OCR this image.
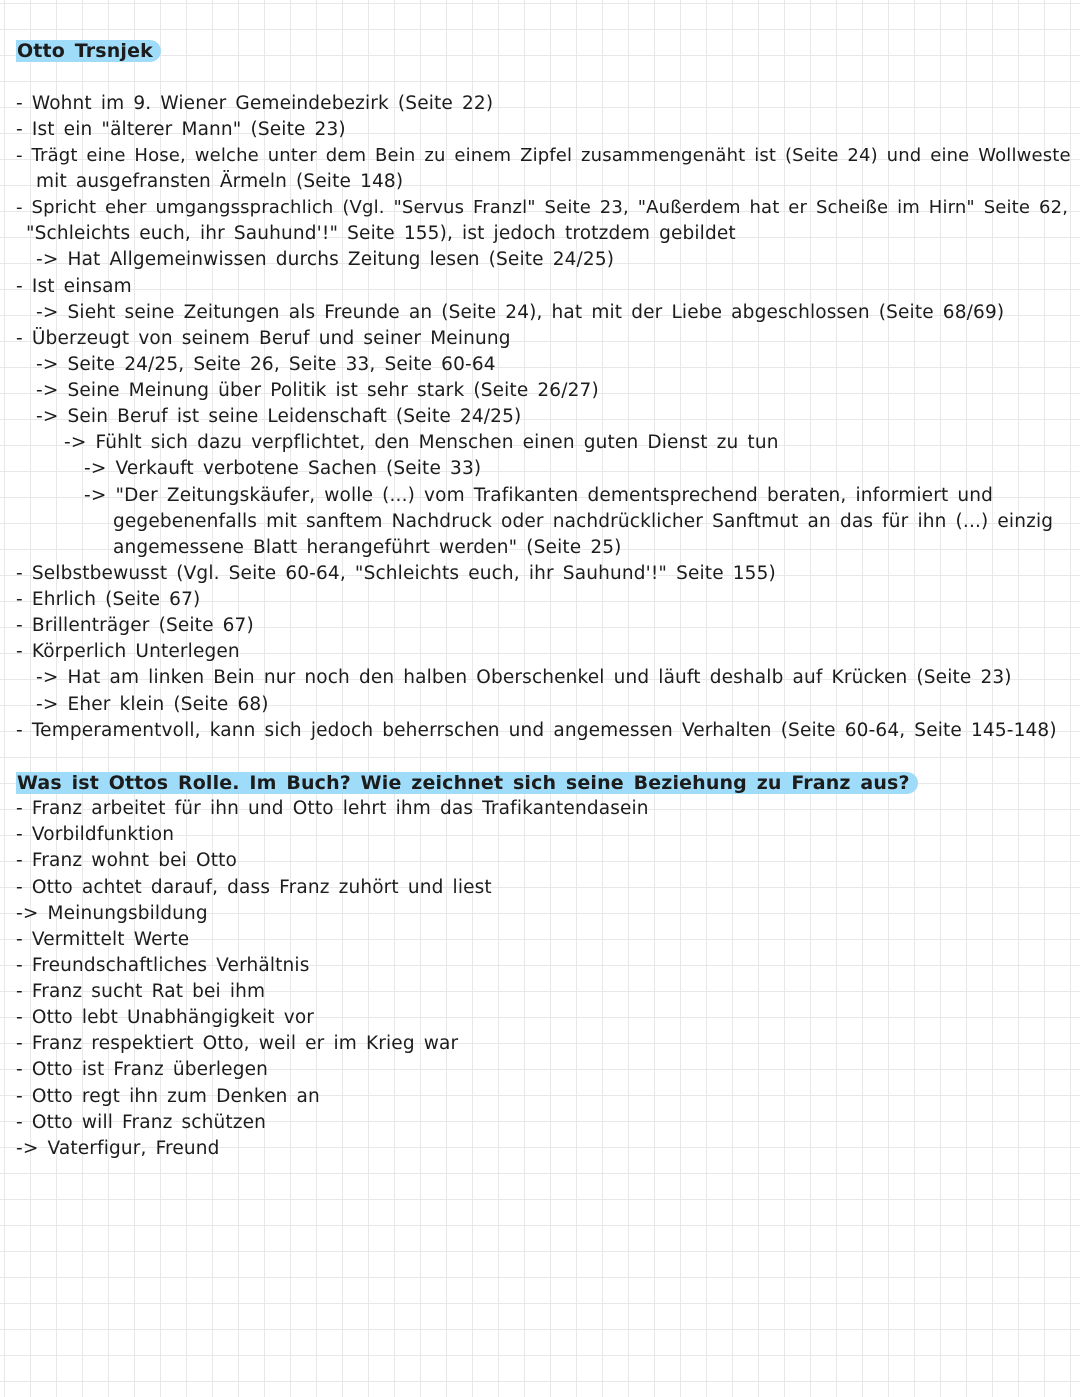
Otto Trsnjek
- Wohnt im 9. Wiener Gemeindebezirk (Seite 22)
- Ist ein "älterer Mann" (Seite 23)
- Trägt eine Hose, welche unter dem Bein zu einem Zipfel zusammengenäht ist (Seite 24) und eine Wollweste
mit ausgefransten Ärmeln (Seite 148)
- Spricht eher umgangssprachlich (Vgl. "Servus Franzl" Seite 23, "Außerdem hat er Scheiße im Hirn" Seite 62,
"Schleichts euch, ihr Sauhund'!" Seite 155), ist jedoch trotzdem gebildet
-> Hat Allgemeinwissen durchs Zeitung lesen (Seite 24/25)
- Ist einsam
-> Sieht seine Zeitungen als Freunde an (Seite 24), hat mit der Liebe abgeschlossen (Seite 68/69)
- Überzeugt von seinem Beruf und seiner Meinung
-> Seite 24/25, Seite 26, Seite 33, Seite 60-64
-> Seine Meinung über Politik ist sehr stark (Seite 26/27)
-> Sein Beruf ist seine Leidenschaft (Seite 24/25)
-> Fühlt sich dazu verpflichtet, den Menschen einen guten Dienst zu tun
-> Verkauft verbotene Sachen (Seite 33)
-> "Der Zeitungskäufer, wolle (...) vom Trafikanten dementsprechend beraten, informiert und
gegebenenfalls mit sanftem Nachdruck oder nachdrücklicher Sanftmut an das für ihn (...) einzig
angemessene Blatt herangeführt werden" (Seite 25)
- Selbstbewusst (Vgl. Seite 60-64, "Schleichts euch, ihr Sauhund'!" Seite 155)
- Ehrlich (Seite 67)
- Brillenträger (Seite 67)
- Körperlich Unterlegen
-> Hat am linken Bein nur noch den halben Oberschenkel und läuft deshalb auf Krücken (Seite 23)
-> Eher klein (Seite 68)
- Temperamentvoll, kann sich jedoch beherrschen und angemessen Verhalten (Seite 60-64, Seite 145-148)
Was ist Ottos Rolle. Im Buch? Wie zeichnet sich seine Beziehung zu Franz aus?
- Franz arbeitet für ihn und Otto lehrt ihm das Trafikantendasein
- Vorbildfunktion
- Franz wohnt bei Otto
- Otto achtet darauf, dass Franz zuhört und liest
-> Meinungsbildung
- Vermittelt Werte
- Freundschaftliches Verhältnis
- Franz sucht Rat bei ihm
- Otto lebt Unabhängigkeit vor
- Franz respektiert Otto, weil er im Krieg war
- Otto ist Franz überlegen
- Otto regt ihn zum Denken an
- Otto will Franz schützen
-> Vaterfigur, Freund
